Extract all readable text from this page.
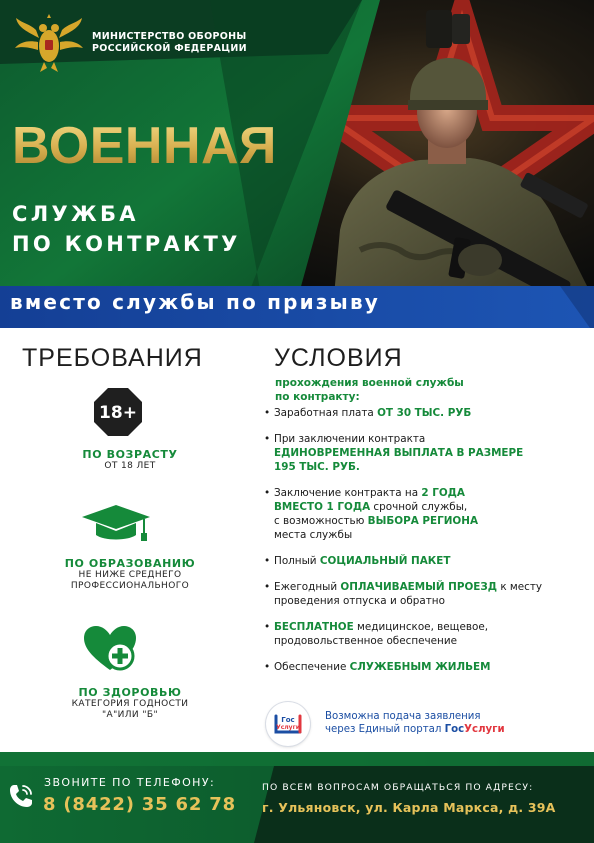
МИНИСТЕРСТВО ОБОРОНЫ
РОССИЙСКОЙ ФЕДЕРАЦИИ
ВОЕННАЯ
СЛУЖБА
ПО КОНТРАКТУ
вместо службы по призыву
ТРЕБОВАНИЯ
18+
ПО ВОЗРАСТУ
ОТ 18 ЛЕТ
ПО ОБРАЗОВАНИЮ
НЕ НИЖЕ СРЕДНЕГО
ПРОФЕССИОНАЛЬНОГО
ПО ЗДОРОВЬЮ
КАТЕГОРИЯ ГОДНОСТИ
"А"ИЛИ "Б"
УСЛОВИЯ
прохождения военной службы
по контракту:
• Заработная плата ОТ 30 ТЫС. РУБ
• При заключении контракта
ЕДИНОВРЕМЕННАЯ ВЫПЛАТА В РАЗМЕРЕ
195 ТЫС. РУБ.
• Заключение контракта на 2 ГОДА
ВМЕСТО 1 ГОДА срочной службы,
с возможностью ВЫБОРА РЕГИОНА
места службы
• Полный СОЦИАЛЬНЫЙ ПАКЕТ
• Ежегодный ОПЛАЧИВАЕМЫЙ ПРОЕЗД к месту
проведения отпуска и обратно
• БЕСПЛАТНОЕ медицинское, вещевое,
продовольственное обеспечение
• Обеспечение СЛУЖЕБНЫМ ЖИЛЬЕМ
Гос
Услуги
Возможна подача заявления
через Единый портал ГосУслуги
ЗВОНИТЕ ПО ТЕЛЕФОНУ:
8 (8422) 35 62 78
ПО ВСЕМ ВОПРОСАМ ОБРАЩАТЬСЯ ПО АДРЕСУ:
г. Ульяновск, ул. Карла Маркса, д. 39А
